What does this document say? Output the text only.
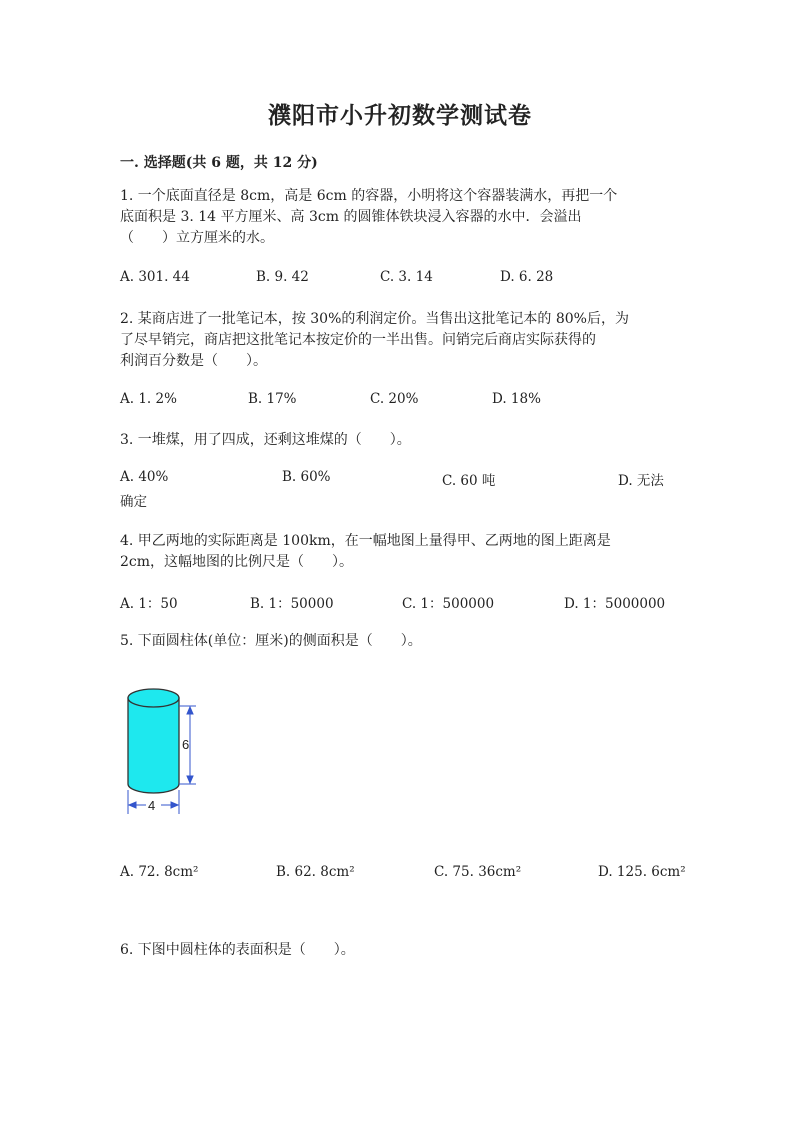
濮阳市小升初数学测试卷
一. 选择题(共 6 题，共 12 分)
1. 一个底面直径是 8cm，高是 6cm 的容器，小明将这个容器装满水，再把一个
底面积是 3. 14 平方厘米、高 3cm 的圆锥体铁块浸入容器的水中．会溢出
（　　）立方厘米的水。
A. 301. 44	B. 9. 42	C. 3. 14	D. 6. 28
2. 某商店进了一批笔记本，按 30%的利润定价。当售出这批笔记本的 80%后，为
了尽早销完，商店把这批笔记本按定价的一半出售。问销完后商店实际获得的
利润百分数是（　　）。
A. 1. 2%	B. 17%	C. 20%	D. 18%
3. 一堆煤，用了四成，还剩这堆煤的（　　）。
A. 40%	B. 60%	C. 60 吨	D. 无法
确定
4. 甲乙两地的实际距离是 100km，在一幅地图上量得甲、乙两地的图上距离是
2cm，这幅地图的比例尺是（　　）。
A. 1：50	B. 1：50000	C. 1：500000	D. 1：5000000
5. 下面圆柱体(单位：厘米)的侧面积是（　　）。
6
4
A. 72. 8cm²	B. 62. 8cm²	C. 75. 36cm²	D. 125. 6cm²
6. 下图中圆柱体的表面积是（　　）。
